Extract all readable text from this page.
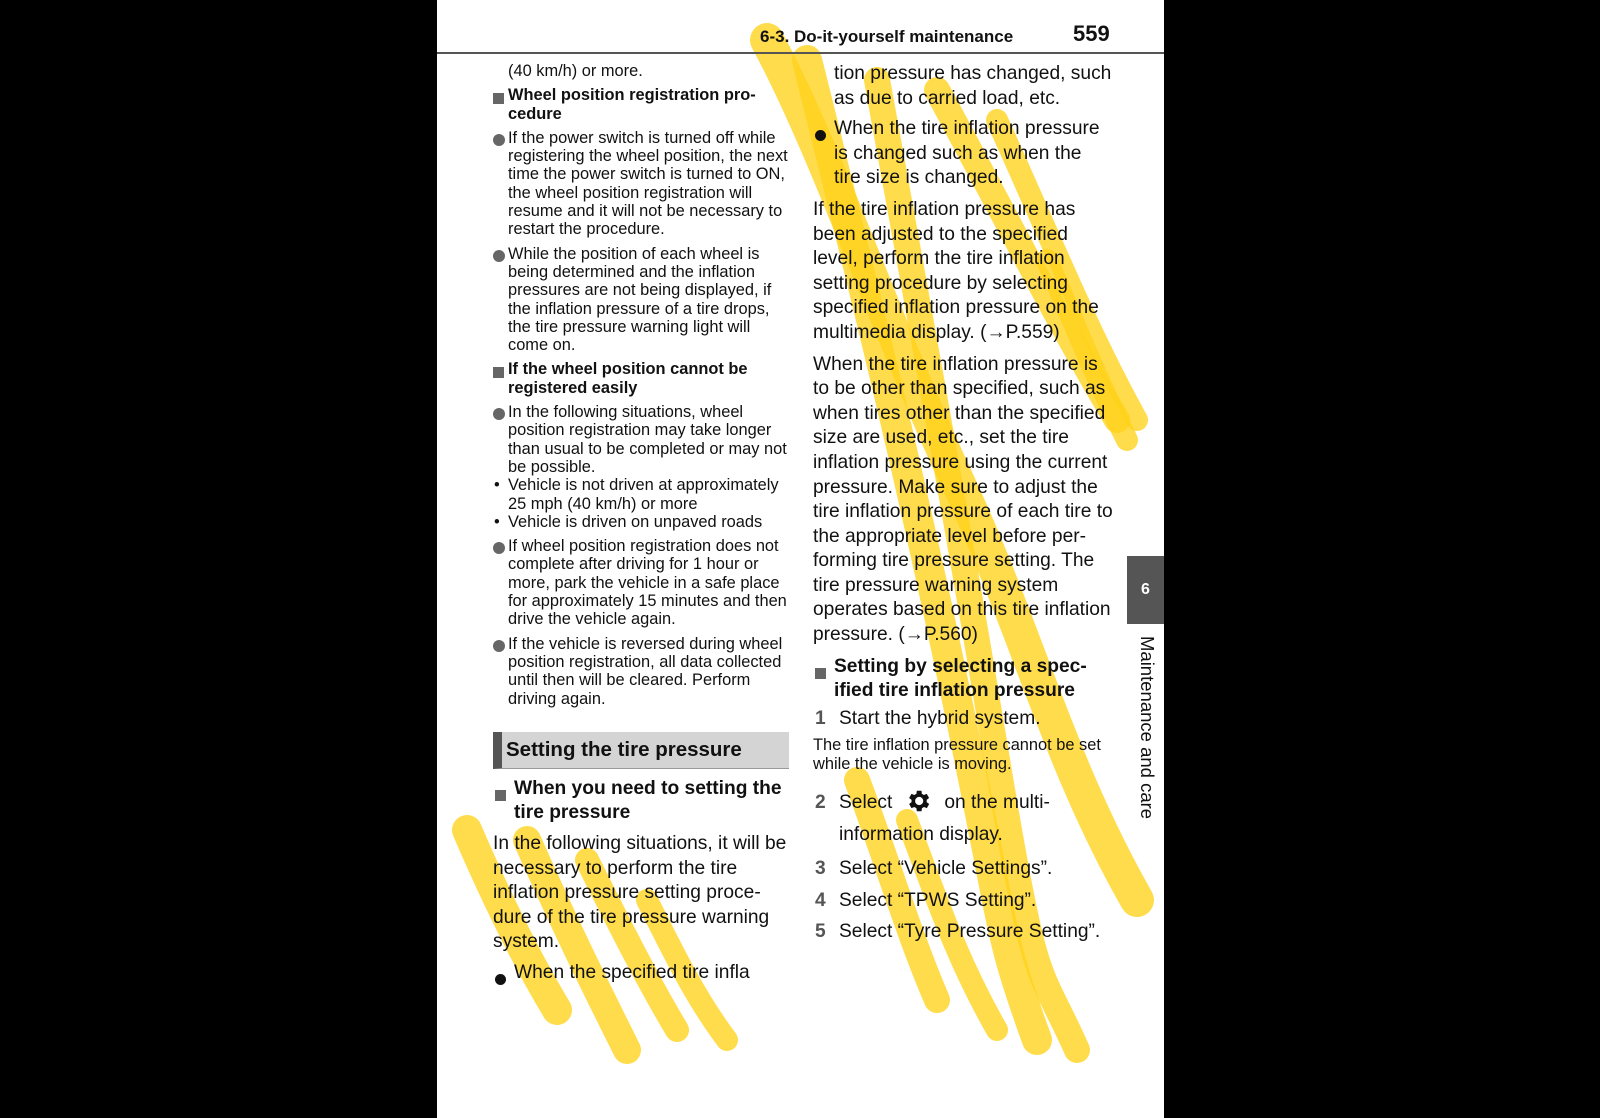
6-3. Do-it-yourself maintenance	559

(40 km/h) or more.

Wheel position registration procedure
If the power switch is turned off while registering the wheel position, the next time the power switch is turned to ON, the wheel position registration will resume and it will not be necessary to restart the procedure.
While the position of each wheel is being determined and the inflation pressures are not being displayed, if the inflation pressure of a tire drops, the tire pressure warning light will come on.
If the wheel position cannot be registered easily
In the following situations, wheel position registration may take longer than usual to be completed or may not be possible.
• Vehicle is not driven at approximately 25 mph (40 km/h) or more
• Vehicle is driven on unpaved roads
If wheel position registration does not complete after driving for 1 hour or more, park the vehicle in a safe place for approximately 15 minutes and then drive the vehicle again.
If the vehicle is reversed during wheel position registration, all data collected until then will be cleared. Perform driving again.
Setting the tire pressure
When you need to setting the tire pressure

In the following situations, it will be necessary to perform the tire inflation pressure setting procedure of the tire pressure warning system.

When the specified tire infla

tion pressure has changed, such as due to carried load, etc.

When the tire inflation pressure is changed such as when the tire size is changed.

If the tire inflation pressure has been adjusted to the specified level, perform the tire inflation setting procedure by selecting specified inflation pressure on the multimedia display. (→P.559)

When the tire inflation pressure is to be other than specified, such as when tires other than the specified size are used, etc., set the tire inflation pressure using the current pressure. Make sure to adjust the tire inflation pressure of each tire to the appropriate level before performing tire pressure setting. The tire pressure warning system operates based on this tire inflation pressure. (→P.560)

Setting by selecting a specified tire inflation pressure
1 Start the hybrid system.

The tire inflation pressure cannot be set while the vehicle is moving.

2 Select	on the multi-information display.
3 Select “Vehicle Settings”.
4 Select “TPWS Setting”.
5 Select “Tyre Pressure Setting”.
6
Maintenance and care
